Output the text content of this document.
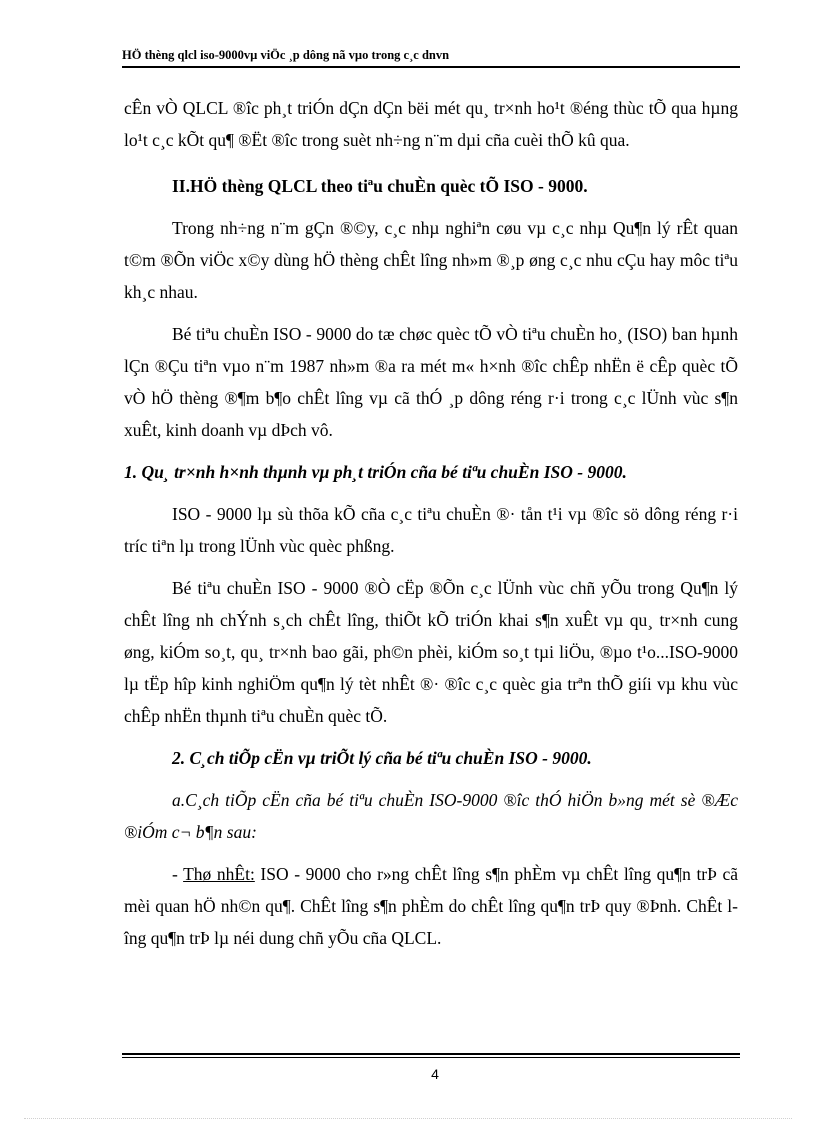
HÖ thèng qlcl iso-9000vµ viÖc ¸p dông nã vµo trong c¸c dnvn

cÊn vÒ QLCL ®îc ph¸t triÓn dÇn dÇn bëi mét qu¸ tr×nh ho¹t ®éng thùc tÕ qua hµng lo¹t c¸c kÕt qu¶ ®Ët ®îc trong suèt nh÷ng n¨m dµi cña cuèi thÕ kû qua.

II.HÖ thèng QLCL theo tiªu chuÈn quèc tÕ ISO - 9000.

Trong nh÷ng n¨m gÇn ®©y, c¸c nhµ nghiªn cøu vµ c¸c nhµ Qu¶n lý rÊt quan t©m ®Õn viÖc x©y dùng hÖ thèng chÊt lîng nh»m ®¸p øng c¸c nhu cÇu hay môc tiªu kh¸c nhau.

Bé tiªu chuÈn ISO - 9000 do tæ chøc quèc tÕ vÒ tiªu chuÈn ho¸ (ISO) ban hµnh lÇn ®Çu tiªn vµo n¨m 1987 nh»m ®a ra mét m« h×nh ®îc chÊp nhËn ë cÊp quèc tÕ vÒ hÖ thèng ®¶m b¶o chÊt lîng vµ cã thÓ ¸p dông réng r·i trong c¸c lÜnh vùc s¶n xuÊt, kinh doanh vµ dÞch vô.

1. Qu¸ tr×nh h×nh thµnh vµ ph¸t triÓn cña bé tiªu chuÈn ISO - 9000.

ISO - 9000 lµ sù thõa kÕ cña c¸c tiªu chuÈn ®· tån t¹i vµ ®îc sö dông réng r·i tríc tiªn lµ trong lÜnh vùc quèc phßng.

Bé tiªu chuÈn ISO - 9000 ®Ò cËp ®Õn c¸c lÜnh vùc chñ yÕu trong Qu¶n lý chÊt lîng nh chÝnh s¸ch chÊt lîng, thiÕt kÕ triÓn khai s¶n xuÊt vµ qu¸ tr×nh cung øng, kiÓm so¸t, qu¸ tr×nh bao gãi, ph©n phèi, kiÓm so¸t tµi liÖu, ®µo t¹o...ISO-9000 lµ tËp hîp kinh nghiÖm qu¶n lý tèt nhÊt ®· ®îc c¸c quèc gia trªn thÕ giíi vµ khu vùc chÊp nhËn thµnh tiªu chuÈn quèc tÕ.

2. C¸ch tiÕp cËn vµ triÕt lý cña bé tiªu chuÈn ISO - 9000.

a.C¸ch tiÕp cËn cña bé tiªu chuÈn ISO-9000 ®îc thÓ hiÖn b»ng mét sè ®Æc ®iÓm c¬ b¶n sau:

- Thø nhÊt: ISO - 9000 cho r»ng chÊt lîng s¶n phÈm vµ chÊt lîng qu¶n trÞ cã mèi quan hÖ nh©n qu¶. ChÊt lîng s¶n phÈm do chÊt lîng qu¶n trÞ quy ®Þnh. ChÊt lîng qu¶n trÞ lµ néi dung chñ yÕu cña QLCL.

4
